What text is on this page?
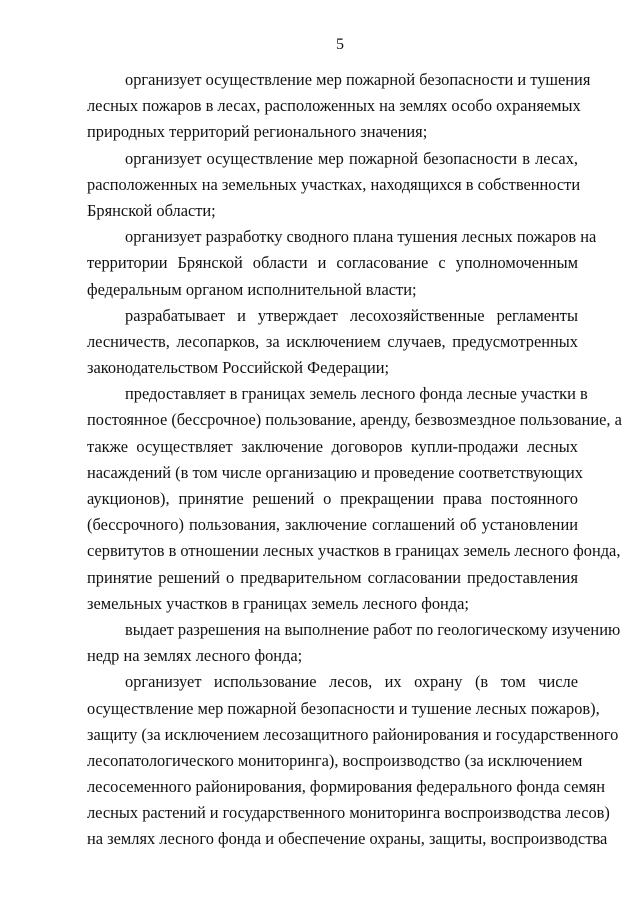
5
организует осуществление мер пожарной безопасности и тушения
лесных пожаров в лесах, расположенных на землях особо охраняемых
природных территорий регионального значения;
организует осуществление мер пожарной безопасности в лесах,
расположенных на земельных участках, находящихся в собственности
Брянской области;
организует разработку сводного плана тушения лесных пожаров на
территории Брянской области и согласование с уполномоченным
федеральным органом исполнительной власти;
разрабатывает и утверждает лесохозяйственные регламенты
лесничеств, лесопарков, за исключением случаев, предусмотренных
законодательством Российской Федерации;
предоставляет в границах земель лесного фонда лесные участки в
постоянное (бессрочное) пользование, аренду, безвозмездное пользование, а
также осуществляет заключение договоров купли-продажи лесных
насаждений (в том числе организацию и проведение соответствующих
аукционов), принятие решений о прекращении права постоянного
(бессрочного) пользования, заключение соглашений об установлении
сервитутов в отношении лесных участков в границах земель лесного фонда,
принятие решений о предварительном согласовании предоставления
земельных участков в границах земель лесного фонда;
выдает разрешения на выполнение работ по геологическому изучению
недр на землях лесного фонда;
организует использование лесов, их охрану (в том числе
осуществление мер пожарной безопасности и тушение лесных пожаров),
защиту (за исключением лесозащитного районирования и государственного
лесопатологического мониторинга), воспроизводство (за исключением
лесосеменного районирования, формирования федерального фонда семян
лесных растений и государственного мониторинга воспроизводства лесов)
на землях лесного фонда и обеспечение охраны, защиты, воспроизводства
